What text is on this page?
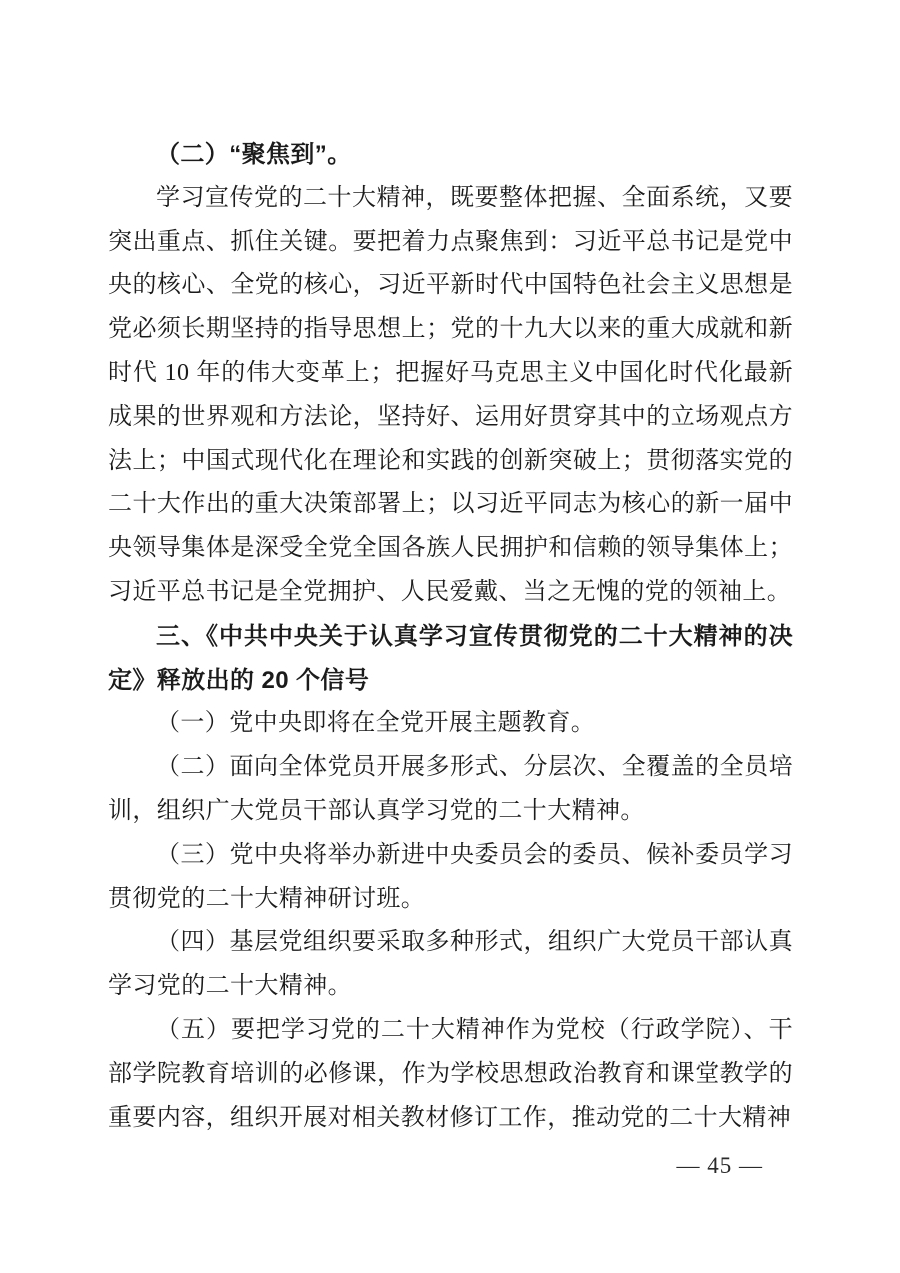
（二）“聚焦到”。

学习宣传党的二十大精神，既要整体把握、全面系统，又要突出重点、抓住关键。要把着力点聚焦到：习近平总书记是党中央的核心、全党的核心，习近平新时代中国特色社会主义思想是党必须长期坚持的指导思想上；党的十九大以来的重大成就和新时代 10 年的伟大变革上；把握好马克思主义中国化时代化最新成果的世界观和方法论，坚持好、运用好贯穿其中的立场观点方法上；中国式现代化在理论和实践的创新突破上；贯彻落实党的二十大作出的重大决策部署上；以习近平同志为核心的新一届中央领导集体是深受全党全国各族人民拥护和信赖的领导集体上；习近平总书记是全党拥护、人民爱戴、当之无愧的党的领袖上。

三、《中共中央关于认真学习宣传贯彻党的二十大精神的决定》释放出的 20 个信号

（一）党中央即将在全党开展主题教育。

（二）面向全体党员开展多形式、分层次、全覆盖的全员培训，组织广大党员干部认真学习党的二十大精神。

（三）党中央将举办新进中央委员会的委员、候补委员学习贯彻党的二十大精神研讨班。

（四）基层党组织要采取多种形式，组织广大党员干部认真学习党的二十大精神。

（五）要把学习党的二十大精神作为党校（行政学院）、干部学院教育培训的必修课，作为学校思想政治教育和课堂教学的重要内容，组织开展对相关教材修订工作，推动党的二十大精神

— 45 —
